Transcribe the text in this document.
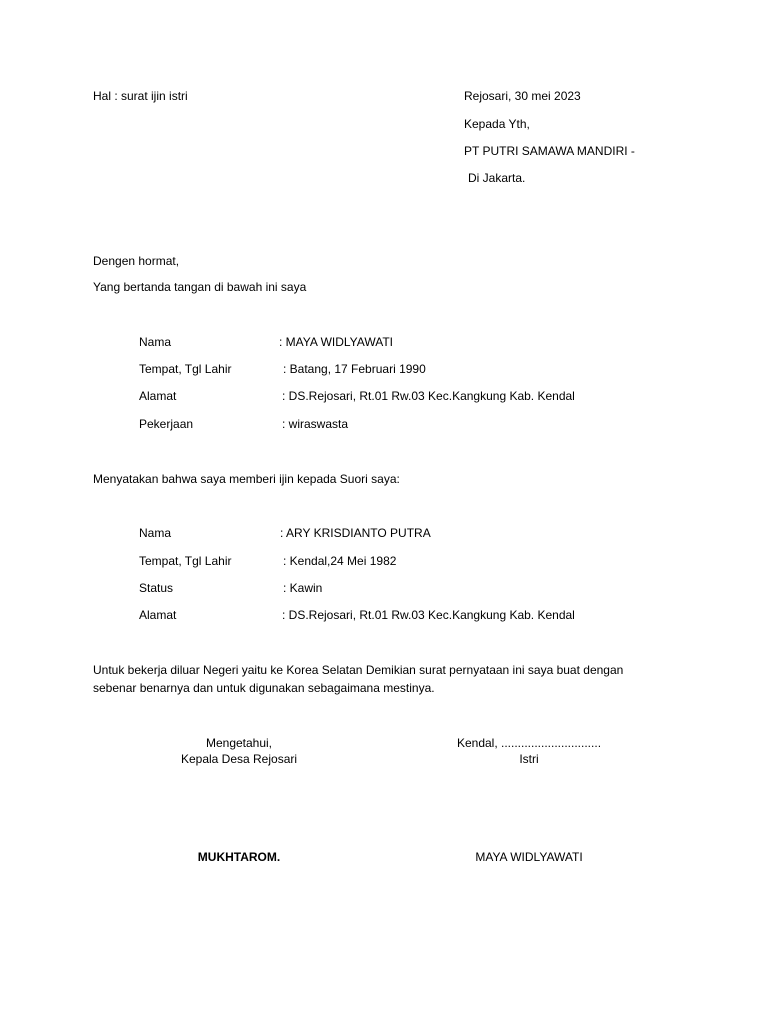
Hal : surat ijin istri	Rejosari, 30 mei 2023
Kepada Yth,
PT PUTRI SAMAWA MANDIRI -
Di Jakarta.
Dengen hormat,
Yang bertanda tangan di bawah ini saya
Nama	: MAYA WIDLYAWATI
Tempat, Tgl Lahir	: Batang, 17 Februari 1990
Alamat	: DS.Rejosari, Rt.01 Rw.03 Kec.Kangkung Kab. Kendal
Pekerjaan	: wiraswasta
Menyatakan bahwa saya memberi ijin kepada Suori saya:
Nama	: ARY KRISDIANTO PUTRA
Tempat, Tgl Lahir	: Kendal,24 Mei 1982
Status	: Kawin
Alamat	: DS.Rejosari, Rt.01 Rw.03 Kec.Kangkung Kab. Kendal
Untuk bekerja diluar Negeri yaitu ke Korea Selatan Demikian surat pernyataan ini saya buat dengan
sebenar benarnya dan untuk digunakan sebagaimana mestinya.
Mengetahui,
Kepala Desa Rejosari
MUKHTAROM.
Kendal, ..............................
Istri
MAYA WIDLYAWATI
